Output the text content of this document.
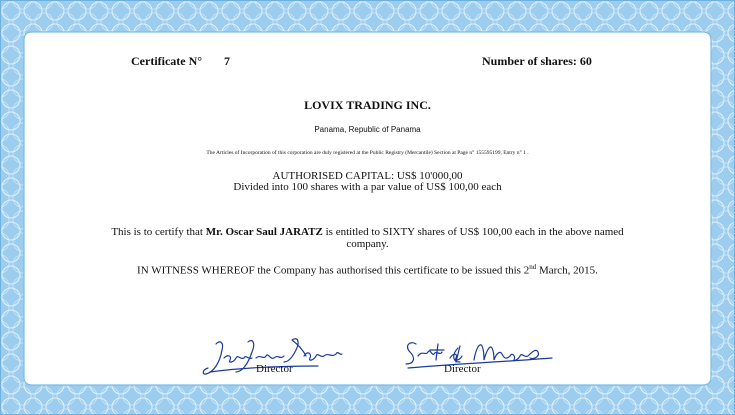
Certificate N° 7	Number of shares: 60
LOVIX TRADING INC.
Panama, Republic of Panama
The Articles of Incorporation of this corporation are duly registered at the Public Registry (Mercantile) Section at Page n° 155595199, Entry n° 1 .
AUTHORISED CAPITAL: US$ 10'000,00
Divided into 100 shares with a par value of US$ 100,00 each
This is to certify that Mr. Oscar Saul JARATZ is entitled to SIXTY shares of US$ 100,00 each in the above named
company.
IN WITNESS WHEREOF the Company has authorised this certificate to be issued this 2nd March, 2015.
Director	Director
